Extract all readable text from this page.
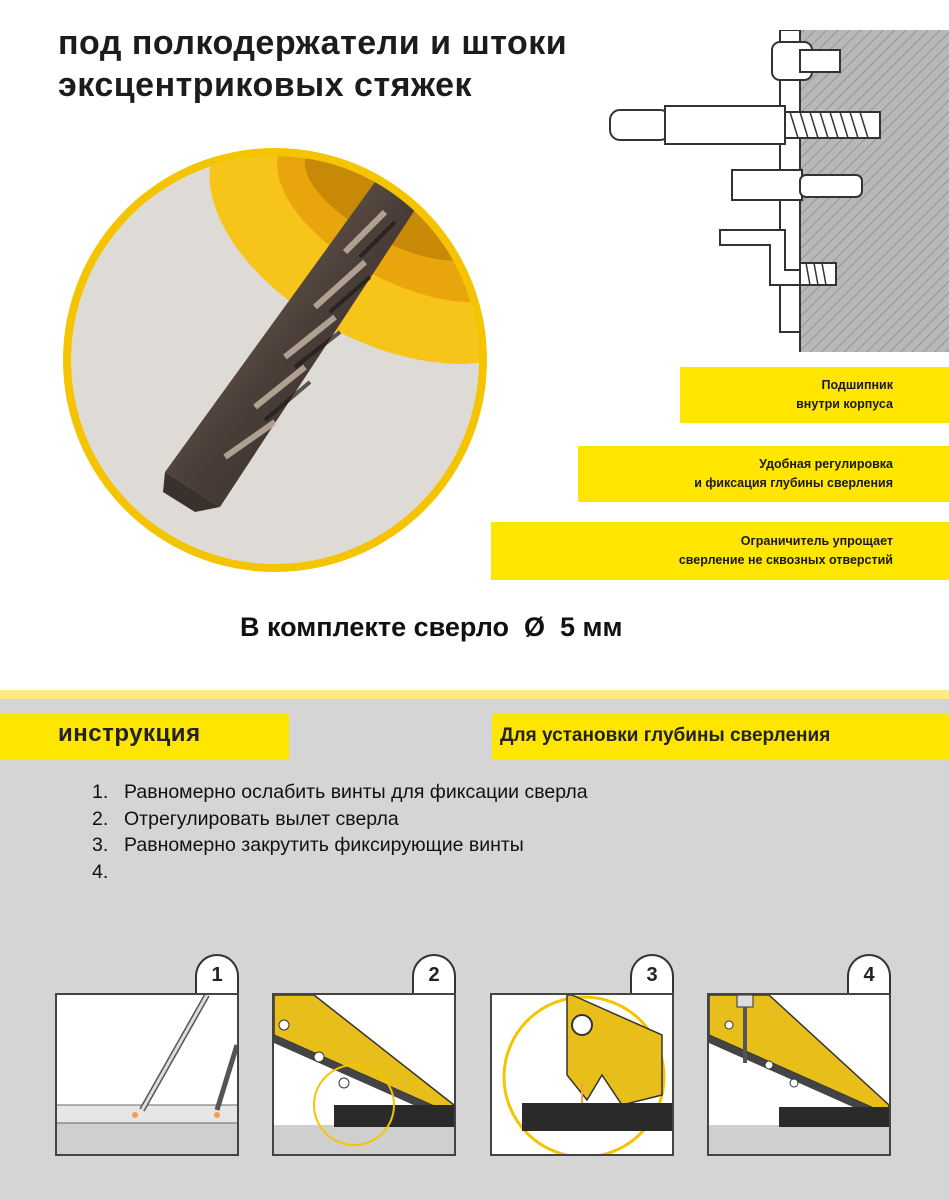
под полкодержатели и штоки
эксцентриковых стяжек
Подшипник
внутри корпуса
Удобная регулировка
и фиксация глубины сверления
Ограничитель упрощает
сверление не сквозных отверстий
В комплекте сверло  Ø  5 мм
инструкция	Для установки глубины сверления
1. Равномерно ослабить винты для фиксации сверла
2. Отрегулировать вылет сверла
3. Равномерно закрутить фиксирующие винты
4.
1	2	3	4
